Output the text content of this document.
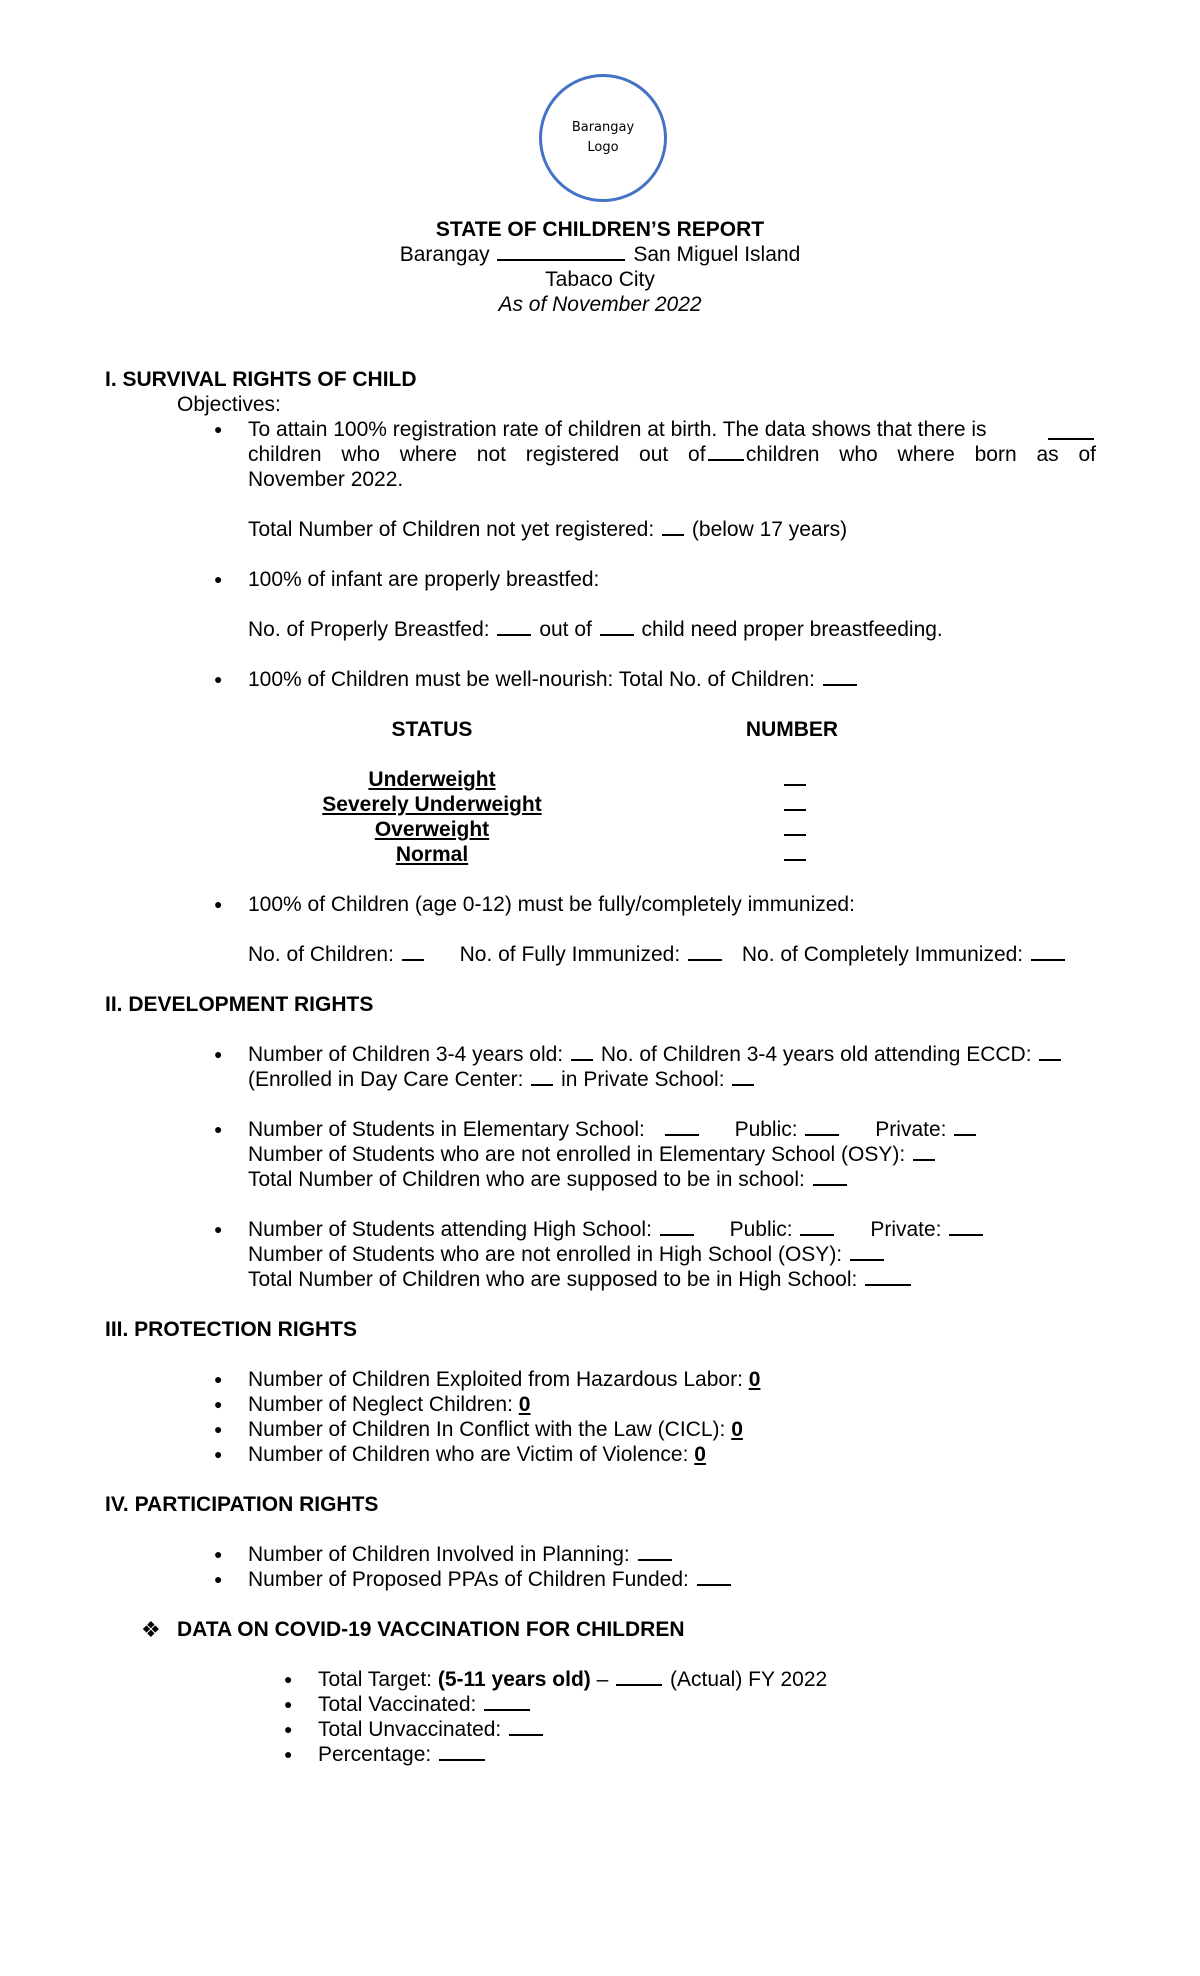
Barangay
Logo
STATE OF CHILDREN’S REPORT
Barangay	San Miguel Island
Tabaco City
As of November 2022
I. SURVIVAL RIGHTS OF CHILD
Objectives:
● To attain 100% registration rate of children at birth. The data shows that there is
children who where not registered out of children who where born as of
November 2022.
Total Number of Children not yet registered: (below 17 years)
● 100% of infant are properly breastfed:
No. of Properly Breastfed: out of child need proper breastfeeding.
● 100% of Children must be well-nourish: Total No. of Children:
STATUS	NUMBER
Underweight
Severely Underweight
Overweight
Normal
● 100% of Children (age 0-12) must be fully/completely immunized:
No. of Children:	No. of Fully Immunized:	No. of Completely Immunized:
II. DEVELOPMENT RIGHTS
● Number of Children 3-4 years old: No. of Children 3-4 years old attending ECCD:
(Enrolled in Day Care Center: in Private School:
● Number of Students in Elementary School:	Public:	Private:
Number of Students who are not enrolled in Elementary School (OSY):
Total Number of Children who are supposed to be in school:
● Number of Students attending High School:	Public:	Private:
Number of Students who are not enrolled in High School (OSY):
Total Number of Children who are supposed to be in High School:
III. PROTECTION RIGHTS
● Number of Children Exploited from Hazardous Labor: 0
● Number of Neglect Children: 0
● Number of Children In Conflict with the Law (CICL): 0
● Number of Children who are Victim of Violence: 0
IV. PARTICIPATION RIGHTS
● Number of Children Involved in Planning:
● Number of Proposed PPAs of Children Funded:
❖ DATA ON COVID-19 VACCINATION FOR CHILDREN
● Total Target: (5-11 years old) –	(Actual) FY 2022
● Total Vaccinated:
● Total Unvaccinated:
● Percentage:
